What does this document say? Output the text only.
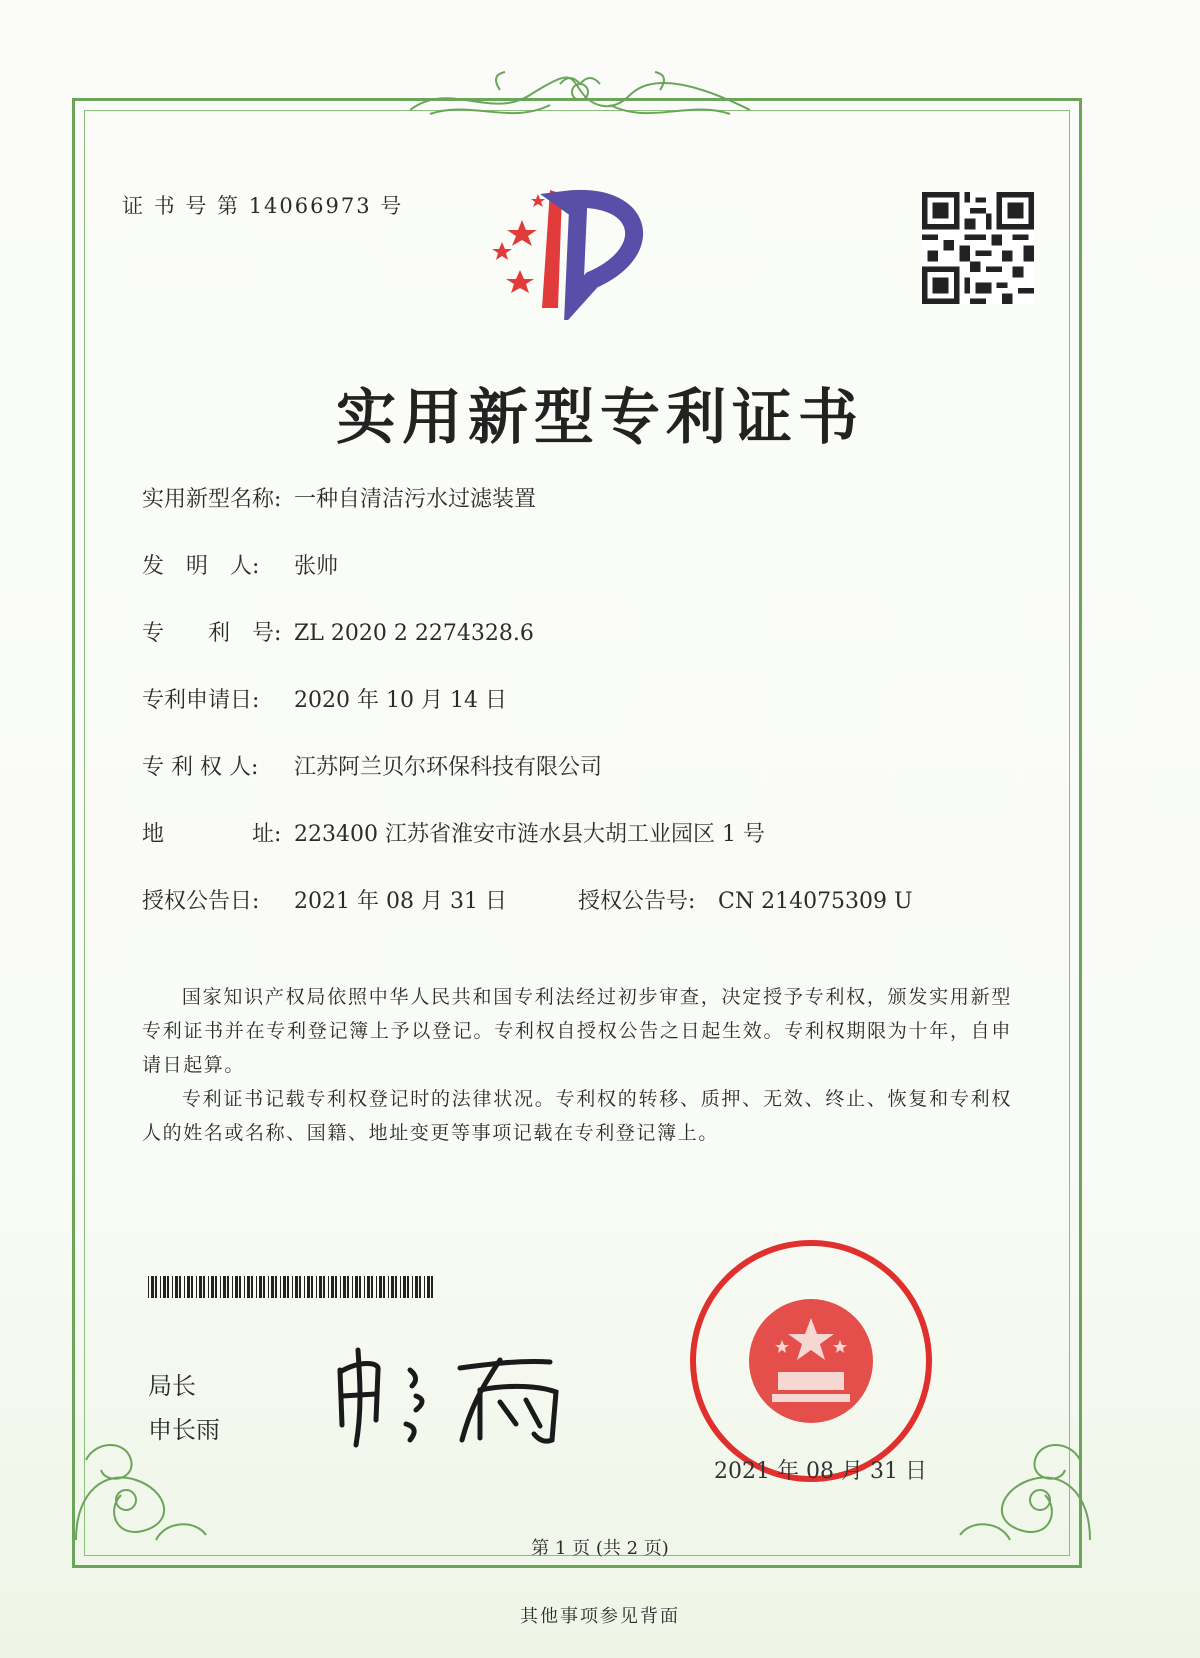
证 书 号 第 14066973 号
实用新型专利证书
实用新型名称: 一种自清洁污水过滤装置
发　明　人: 张帅
专　　利　号: ZL 2020 2 2274328.6
专利申请日: 2020 年 10 月 14 日
专 利 权 人: 江苏阿兰贝尔环保科技有限公司
地　　　　址: 223400 江苏省淮安市涟水县大胡工业园区 1 号
授权公告日: 2021 年 08 月 31 日	授权公告号: CN 214075309 U

国家知识产权局依照中华人民共和国专利法经过初步审查，决定授予专利权，颁发实用新型专利证书并在专利登记簿上予以登记。专利权自授权公告之日起生效。专利权期限为十年，自申请日起算。

专利证书记载专利权登记时的法律状况。专利权的转移、质押、无效、终止、恢复和专利权人的姓名或名称、国籍、地址变更等事项记载在专利登记簿上。

局长
申长雨
2021 年 08 月 31 日
第 1 页 (共 2 页)
其他事项参见背面
